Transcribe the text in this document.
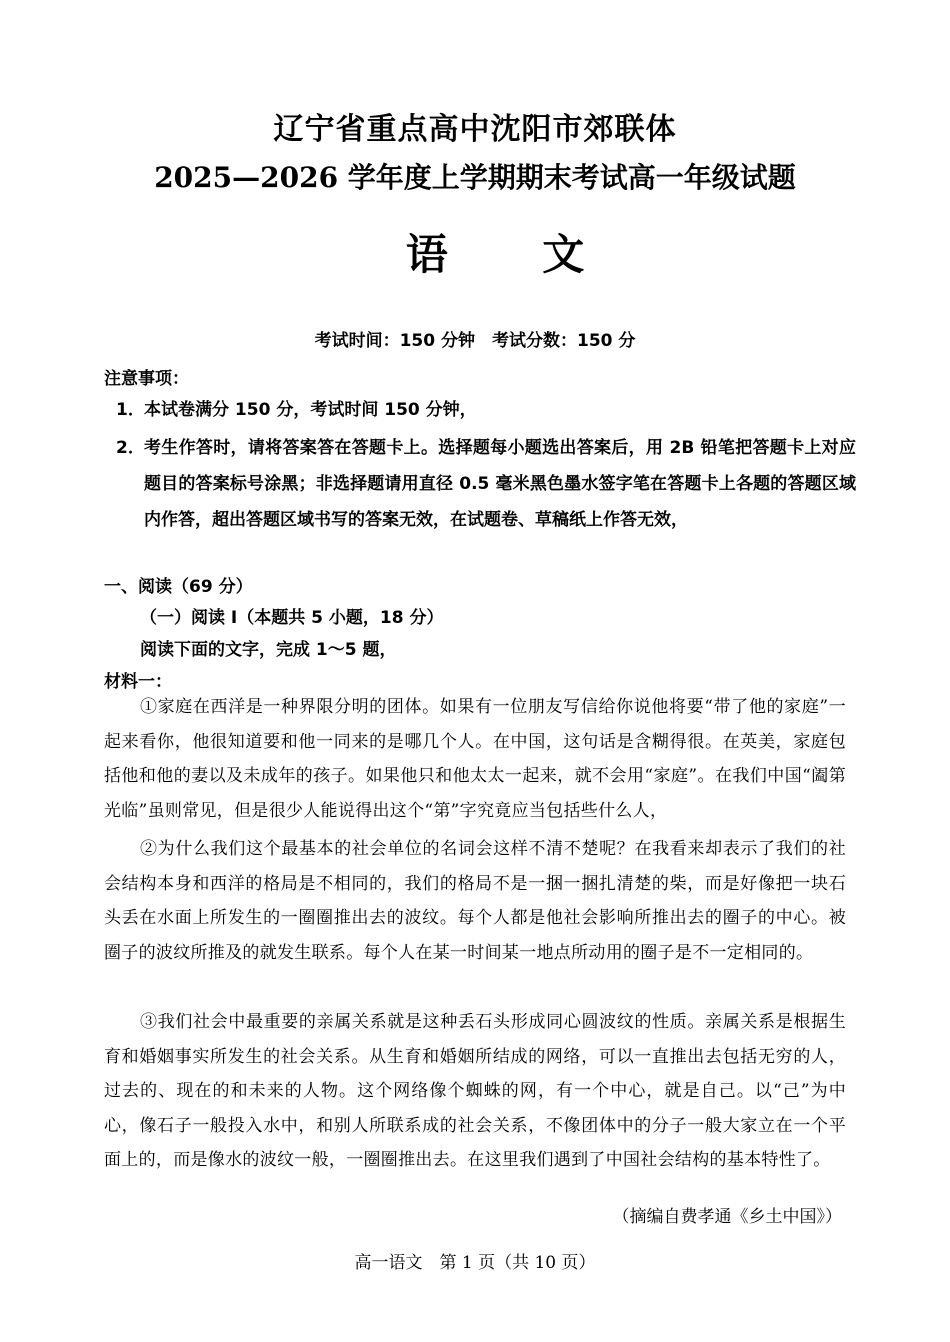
辽宁省重点高中沈阳市郊联体
2025—2026 学年度上学期期末考试高一年级试题
语 文
考试时间：150 分钟　考试分数：150 分
注意事项：
1． 本试卷满分 150 分，考试时间 150 分钟，
2． 考生作答时，请将答案答在答题卡上。选择题每小题选出答案后，用 2B 铅笔把答题卡上对应题目的答案标号涂黑；非选择题请用直径 0.5 毫米黑色墨水签字笔在答题卡上各题的答题区域内作答，超出答题区域书写的答案无效，在试题卷、草稿纸上作答无效，
一、阅读（69 分）
（一）阅读 I（本题共 5 小题，18 分）
阅读下面的文字，完成 1～5 题，
材料一：
①家庭在西洋是一种界限分明的团体。如果有一位朋友写信给你说他将要“带了他的家庭”一起来看你，他很知道要和他一同来的是哪几个人。在中国，这句话是含糊得很。在英美，家庭包括他和他的妻以及未成年的孩子。如果他只和他太太一起来，就不会用“家庭”。在我们中国“阖第光临”虽则常见，但是很少人能说得出这个“第”字究竟应当包括些什么人，
②为什么我们这个最基本的社会单位的名词会这样不清不楚呢？在我看来却表示了我们的社会结构本身和西洋的格局是不相同的，我们的格局不是一捆一捆扎清楚的柴，而是好像把一块石头丢在水面上所发生的一圈圈推出去的波纹。每个人都是他社会影响所推出去的圈子的中心。被圈子的波纹所推及的就发生联系。每个人在某一时间某一地点所动用的圈子是不一定相同的。
③我们社会中最重要的亲属关系就是这种丢石头形成同心圆波纹的性质。亲属关系是根据生育和婚姻事实所发生的社会关系。从生育和婚姻所结成的网络，可以一直推出去包括无穷的人，过去的、现在的和未来的人物。这个网络像个蜘蛛的网，有一个中心，就是自己。以“己”为中心，像石子一般投入水中，和别人所联系成的社会关系，不像团体中的分子一般大家立在一个平面上的，而是像水的波纹一般，一圈圈推出去。在这里我们遇到了中国社会结构的基本特性了。
（摘编自费孝通《乡土中国》）
高一语文　第 1 页（共 10 页）
